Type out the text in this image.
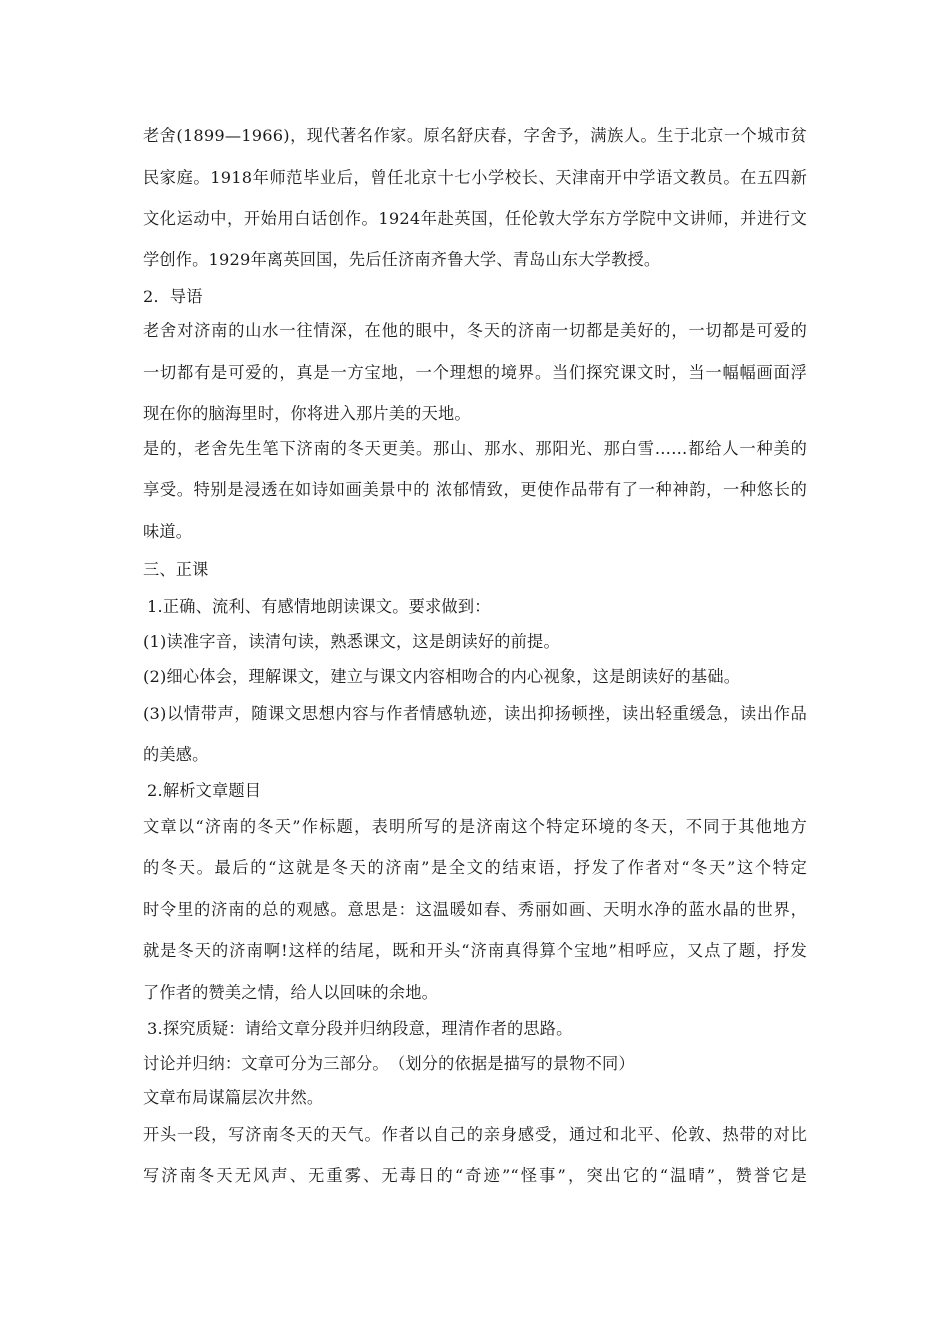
老舍(1899—1966)，现代著名作家。原名舒庆春，字舍予，满族人。生于北京一个城市贫
民家庭。1918年师范毕业后，曾任北京十七小学校长、天津南开中学语文教员。在五四新
文化运动中，开始用白话创作。1924年赴英国，任伦敦大学东方学院中文讲师，并进行文
学创作。1929年离英回国，先后任济南齐鲁大学、青岛山东大学教授。
2．导语
老舍对济南的山水一往情深，在他的眼中，冬天的济南一切都是美好的，一切都是可爱的
一切都有是可爱的，真是一方宝地，一个理想的境界。当们探究课文时，当一幅幅画面浮
现在你的脑海里时，你将进入那片美的天地。
是的，老舍先生笔下济南的冬天更美。那山、那水、那阳光、那白雪……都给人一种美的
享受。特别是浸透在如诗如画美景中的 浓郁情致，更使作品带有了一种神韵，一种悠长的
味道。
三、正课
1.正确、流利、有感情地朗读课文。要求做到：
(1)读准字音，读清句读，熟悉课文，这是朗读好的前提。
(2)细心体会，理解课文，建立与课文内容相吻合的内心视象，这是朗读好的基础。
(3)以情带声，随课文思想内容与作者情感轨迹，读出抑扬顿挫，读出轻重缓急，读出作品
的美感。
2.解析文章题目
文章以“济南的冬天”作标题，表明所写的是济南这个特定环境的冬天，不同于其他地方
的冬天。最后的“这就是冬天的济南”是全文的结束语，抒发了作者对“冬天”这个特定
时令里的济南的总的观感。意思是：这温暖如春、秀丽如画、天明水净的蓝水晶的世界，
就是冬天的济南啊!这样的结尾，既和开头“济南真得算个宝地”相呼应，又点了题，抒发
了作者的赞美之情，给人以回味的余地。
3.探究质疑：请给文章分段并归纳段意，理清作者的思路。
讨论并归纳：文章可分为三部分。　（划分的依据是描写的景物不同）
文章布局谋篇层次井然。
开头一段，写济南冬天的天气。作者以自己的亲身感受，通过和北平、伦敦、热带的对比
写济南冬天无风声、无重雾、无毒日的“奇迹”“怪事”，突出它的“温晴”，赞誉它是
